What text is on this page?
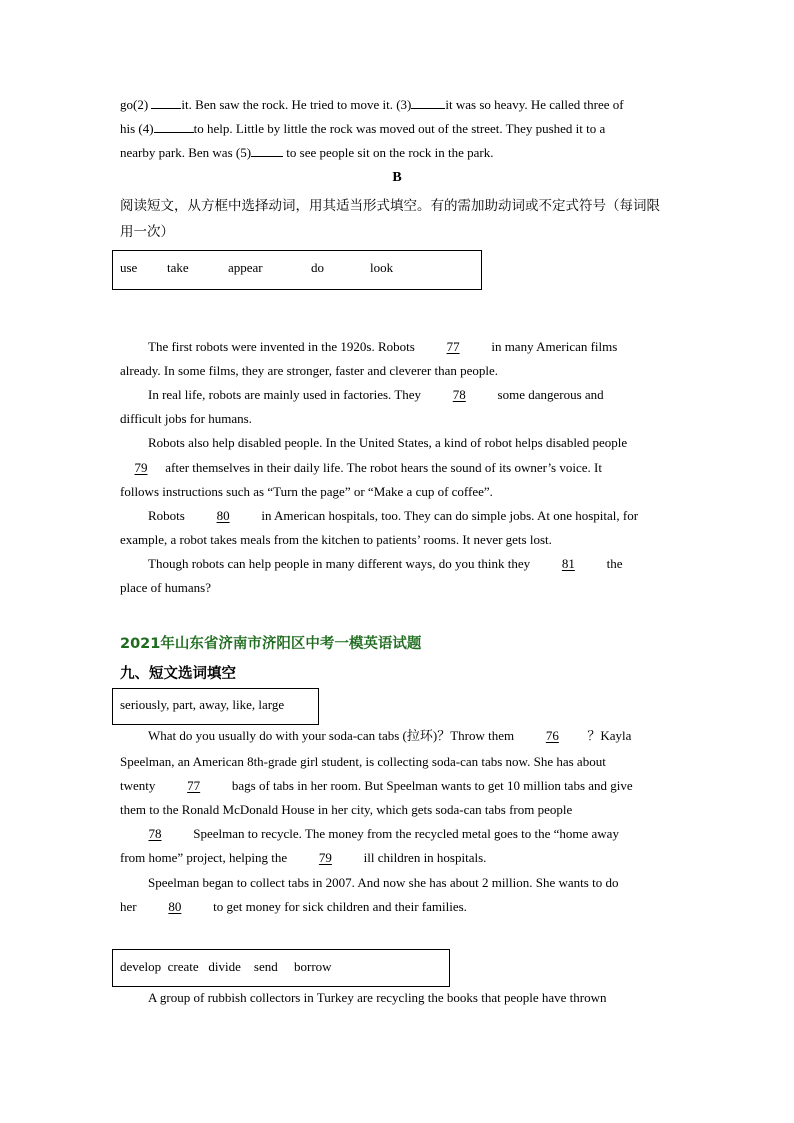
go(2) it. Ben saw the rock. He tried to move it. (3)	it was so heavy. He called three of
his (4)	to help. Little by little the rock was moved out of the street. They pushed it to a
nearby park. Ben was (5) to see people sit on the rock in the park.
B
阅读短文，从方框中选择动词，用其适当形式填空。有的需加助动词或不定式符号（每词限
用一次）
use take	appear	do	look
The first robots were invented in the 1920s. Robots 77 in many American films
already. In some films, they are stronger, faster and cleverer than people.
In real life, robots are mainly used in factories. They 78 some dangerous and
difficult jobs for humans.
Robots also help disabled people. In the United States, a kind of robot helps disabled people
79 after themselves in their daily life. The robot hears the sound of its owner’s voice. It
follows instructions such as “Turn the page” or “Make a cup of coffee”.
Robots 80 in American hospitals, too. They can do simple jobs. At one hospital, for
example, a robot takes meals from the kitchen to patients’ rooms. It never gets lost.
Though robots can help people in many different ways, do you think they 81 the
place of humans?
2021年山东省济南市济阳区中考一模英语试题
九、短文选词填空
seriously, part, away, like, large
What do you usually do with your soda-can tabs (拉环)？Throw them 76 ？Kayla
Speelman, an American 8th-grade girl student, is collecting soda-can tabs now. She has about
twenty 77 bags of tabs in her room. But Speelman wants to get 10 million tabs and give
them to the Ronald McDonald House in her city, which gets soda-can tabs from people
78 Speelman to recycle. The money from the recycled metal goes to the “home away
from home” project, helping the 79 ill children in hospitals.
Speelman began to collect tabs in 2007. And now she has about 2 million. She wants to do
her 80 to get money for sick children and their families.
develop  create   divide    send     borrow
A group of rubbish collectors in Turkey are recycling the books that people have thrown
